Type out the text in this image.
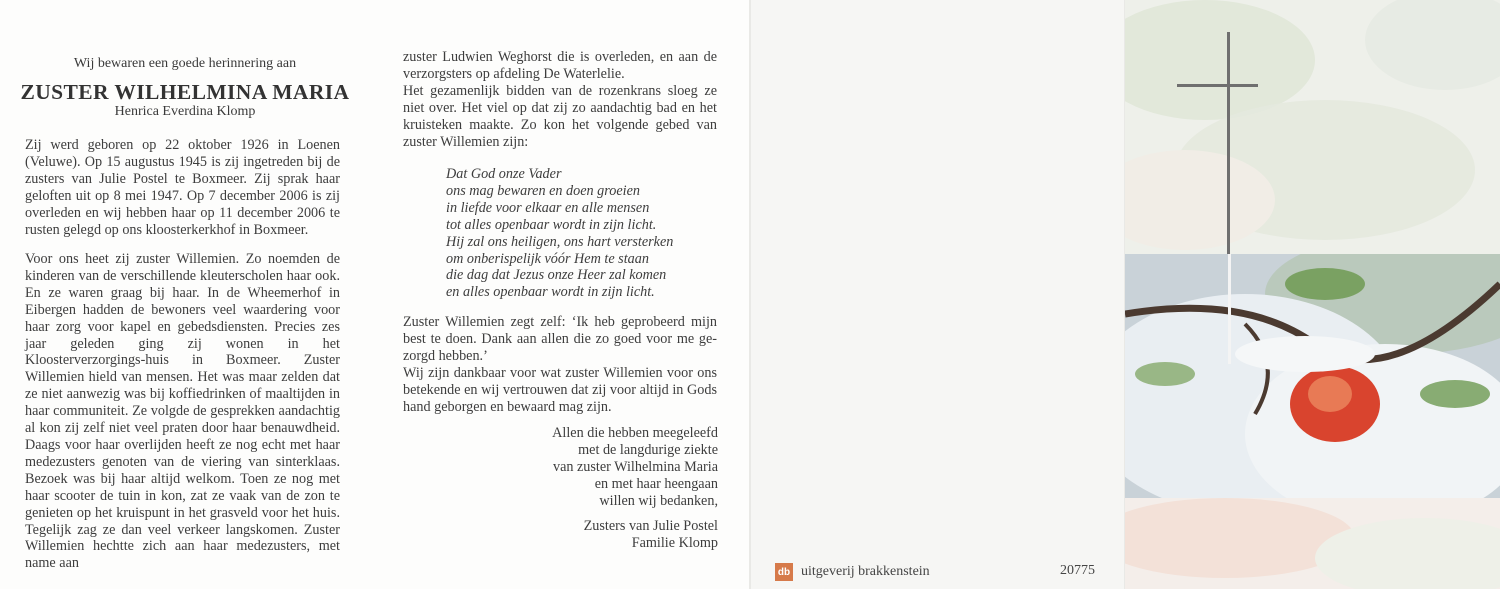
Wij bewaren een goede herinnering aan
ZUSTER WILHELMINA MARIA
Henrica Everdina Klomp

Zij werd geboren op 22 oktober 1926 in Loenen (Veluwe). Op 15 augustus 1945 is zij ingetreden bij de zusters van Julie Postel te Boxmeer. Zij sprak haar geloften uit op 8 mei 1947. Op 7 december 2006 is zij overleden en wij hebben haar op 11 december 2006 te rusten gelegd op ons kloosterkerkhof in Boxmeer.

Voor ons heet zij zuster Willemien. Zo noemden de kinderen van de verschillende kleuterscholen haar ook. En ze waren graag bij haar. In de Wheemerhof in Eibergen hadden de bewoners veel waardering voor haar zorg voor kapel en gebedsdiensten. Precies zes jaar geleden ging zij wonen in het Kloosterverzorgings-huis in Boxmeer. Zuster Willemien hield van mensen. Het was maar zelden dat ze niet aanwezig was bij koffiedrinken of maaltijden in haar communiteit. Ze volgde de gesprekken aandachtig al kon zij zelf niet veel praten door haar benauwdheid. Daags voor haar overlijden heeft ze nog echt met haar medezusters genoten van de viering van sinterklaas. Bezoek was bij haar altijd welkom. Toen ze nog met haar scooter de tuin in kon, zat ze vaak van de zon te genieten op het kruispunt in het grasveld voor het huis. Tegelijk zag ze dan veel verkeer langskomen. Zuster Willemien hechtte zich aan haar medezusters, met name aan

zuster Ludwien Weghorst die is overleden, en aan de verzorgsters op afdeling De Waterlelie.

Het gezamenlijk bidden van de rozenkrans sloeg ze niet over. Het viel op dat zij zo aandachtig bad en het kruisteken maakte. Zo kon het volgende gebed van zuster Willemien zijn:

Dat God onze Vader
ons mag bewaren en doen groeien
in liefde voor elkaar en alle mensen
tot alles openbaar wordt in zijn licht.
Hij zal ons heiligen, ons hart versterken
om onberispelijk vóór Hem te staan
die dag dat Jezus onze Heer zal komen
en alles openbaar wordt in zijn licht.

Zuster Willemien zegt zelf: ‘Ik heb geprobeerd mijn best te doen. Dank aan allen die zo goed voor me ge-zorgd hebben.’

Wij zijn dankbaar voor wat zuster Willemien voor ons betekende en wij vertrouwen dat zij voor altijd in Gods hand geborgen en bewaard mag zijn.

Allen die hebben meegeleefd
met de langdurige ziekte
van zuster Wilhelmina Maria
en met haar heengaan
willen wij bedanken,
Zusters van Julie Postel
Familie Klomp
db uitgeverij brakkenstein	20775
